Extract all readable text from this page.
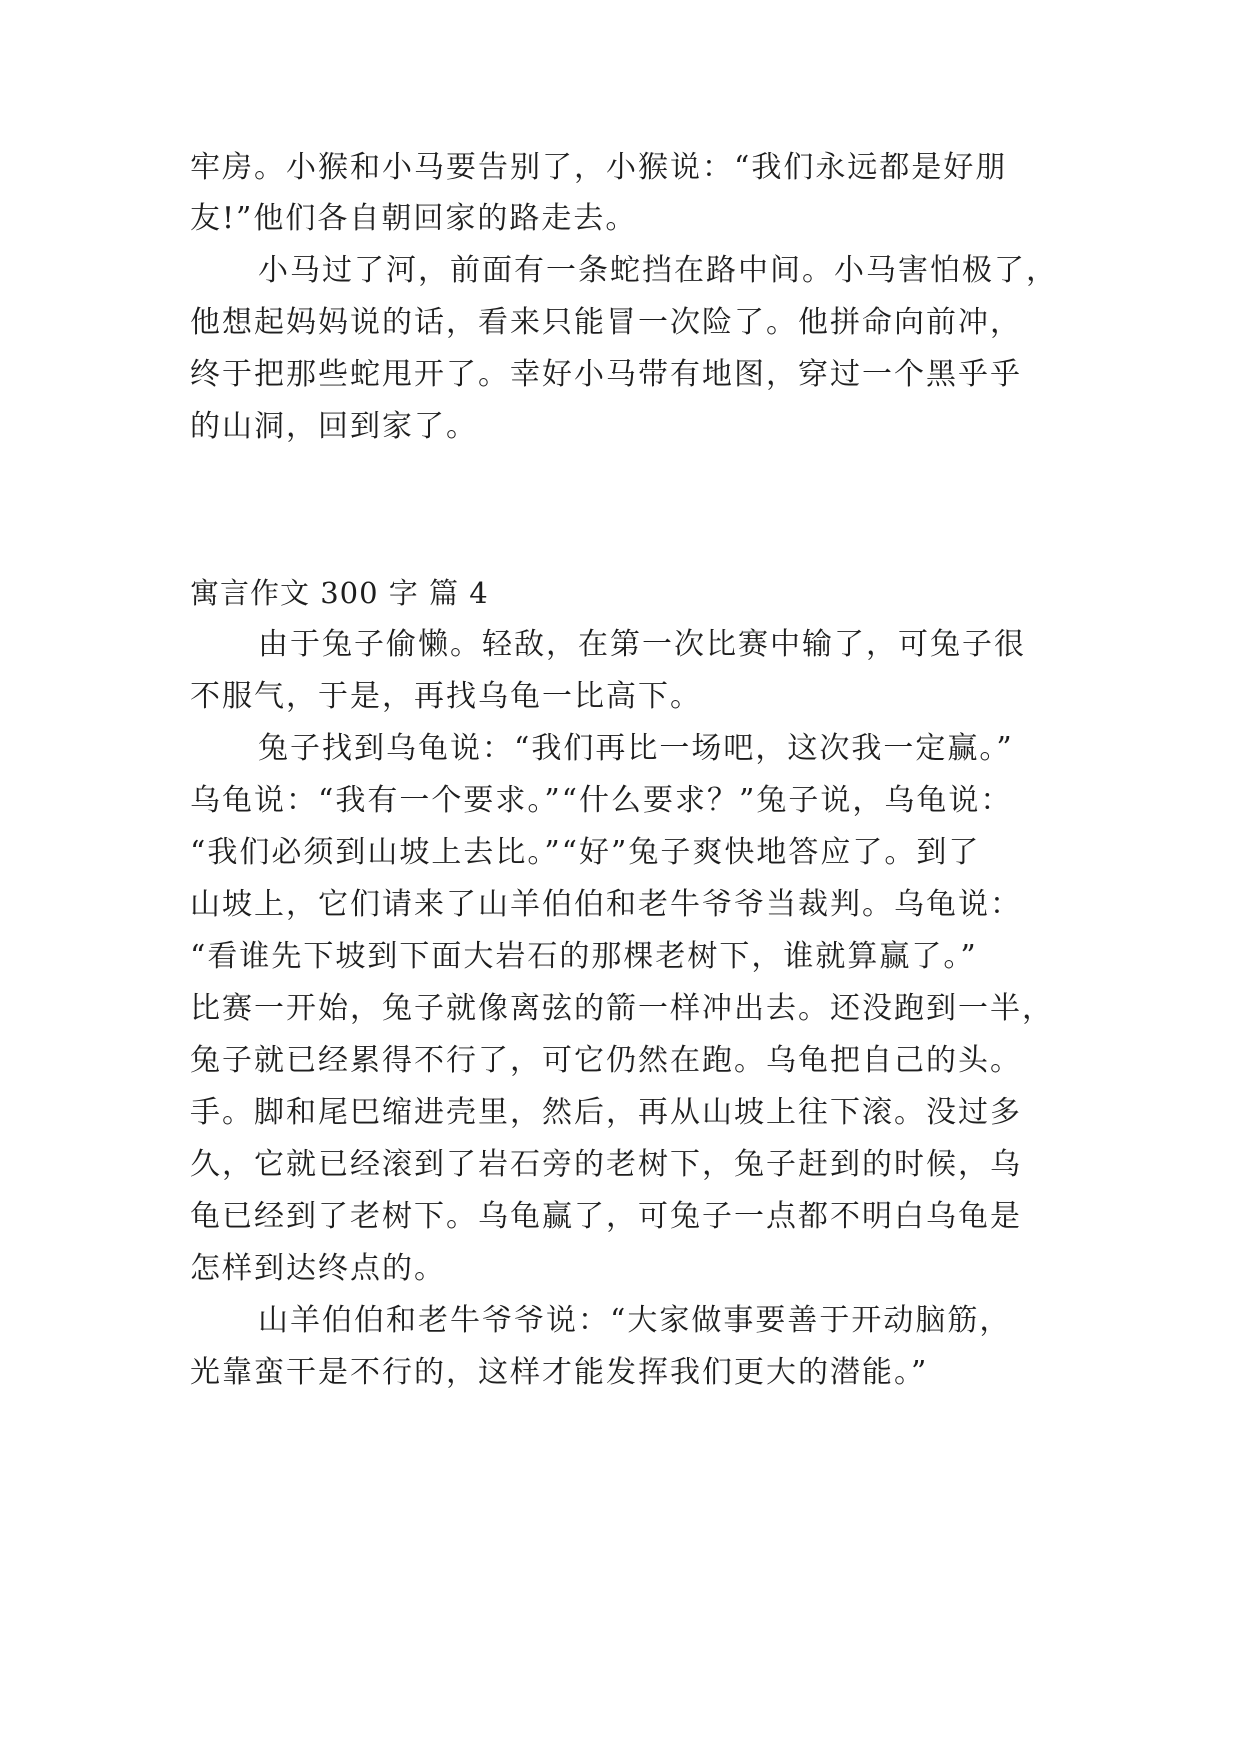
牢房。小猴和小马要告别了，小猴说：“我们永远都是好朋
友!”他们各自朝回家的路走去。
小马过了河，前面有一条蛇挡在路中间。小马害怕极了，
他想起妈妈说的话，看来只能冒一次险了。他拼命向前冲，
终于把那些蛇甩开了。幸好小马带有地图，穿过一个黑乎乎
的山洞，回到家了。
寓言作文 300 字 篇 4
由于兔子偷懒。轻敌，在第一次比赛中输了，可兔子很
不服气，于是，再找乌龟一比高下。
兔子找到乌龟说：“我们再比一场吧，这次我一定赢。”
乌龟说：“我有一个要求。”“什么要求？”兔子说，乌龟说：
“我们必须到山坡上去比。”“好”兔子爽快地答应了。到了
山坡上，它们请来了山羊伯伯和老牛爷爷当裁判。乌龟说：
“看谁先下坡到下面大岩石的那棵老树下，谁就算赢了。”
比赛一开始，兔子就像离弦的箭一样冲出去。还没跑到一半，
兔子就已经累得不行了，可它仍然在跑。乌龟把自己的头。
手。脚和尾巴缩进壳里，然后，再从山坡上往下滚。没过多
久，它就已经滚到了岩石旁的老树下，兔子赶到的时候，乌
龟已经到了老树下。乌龟赢了，可兔子一点都不明白乌龟是
怎样到达终点的。
山羊伯伯和老牛爷爷说：“大家做事要善于开动脑筋，
光靠蛮干是不行的，这样才能发挥我们更大的潜能。”
